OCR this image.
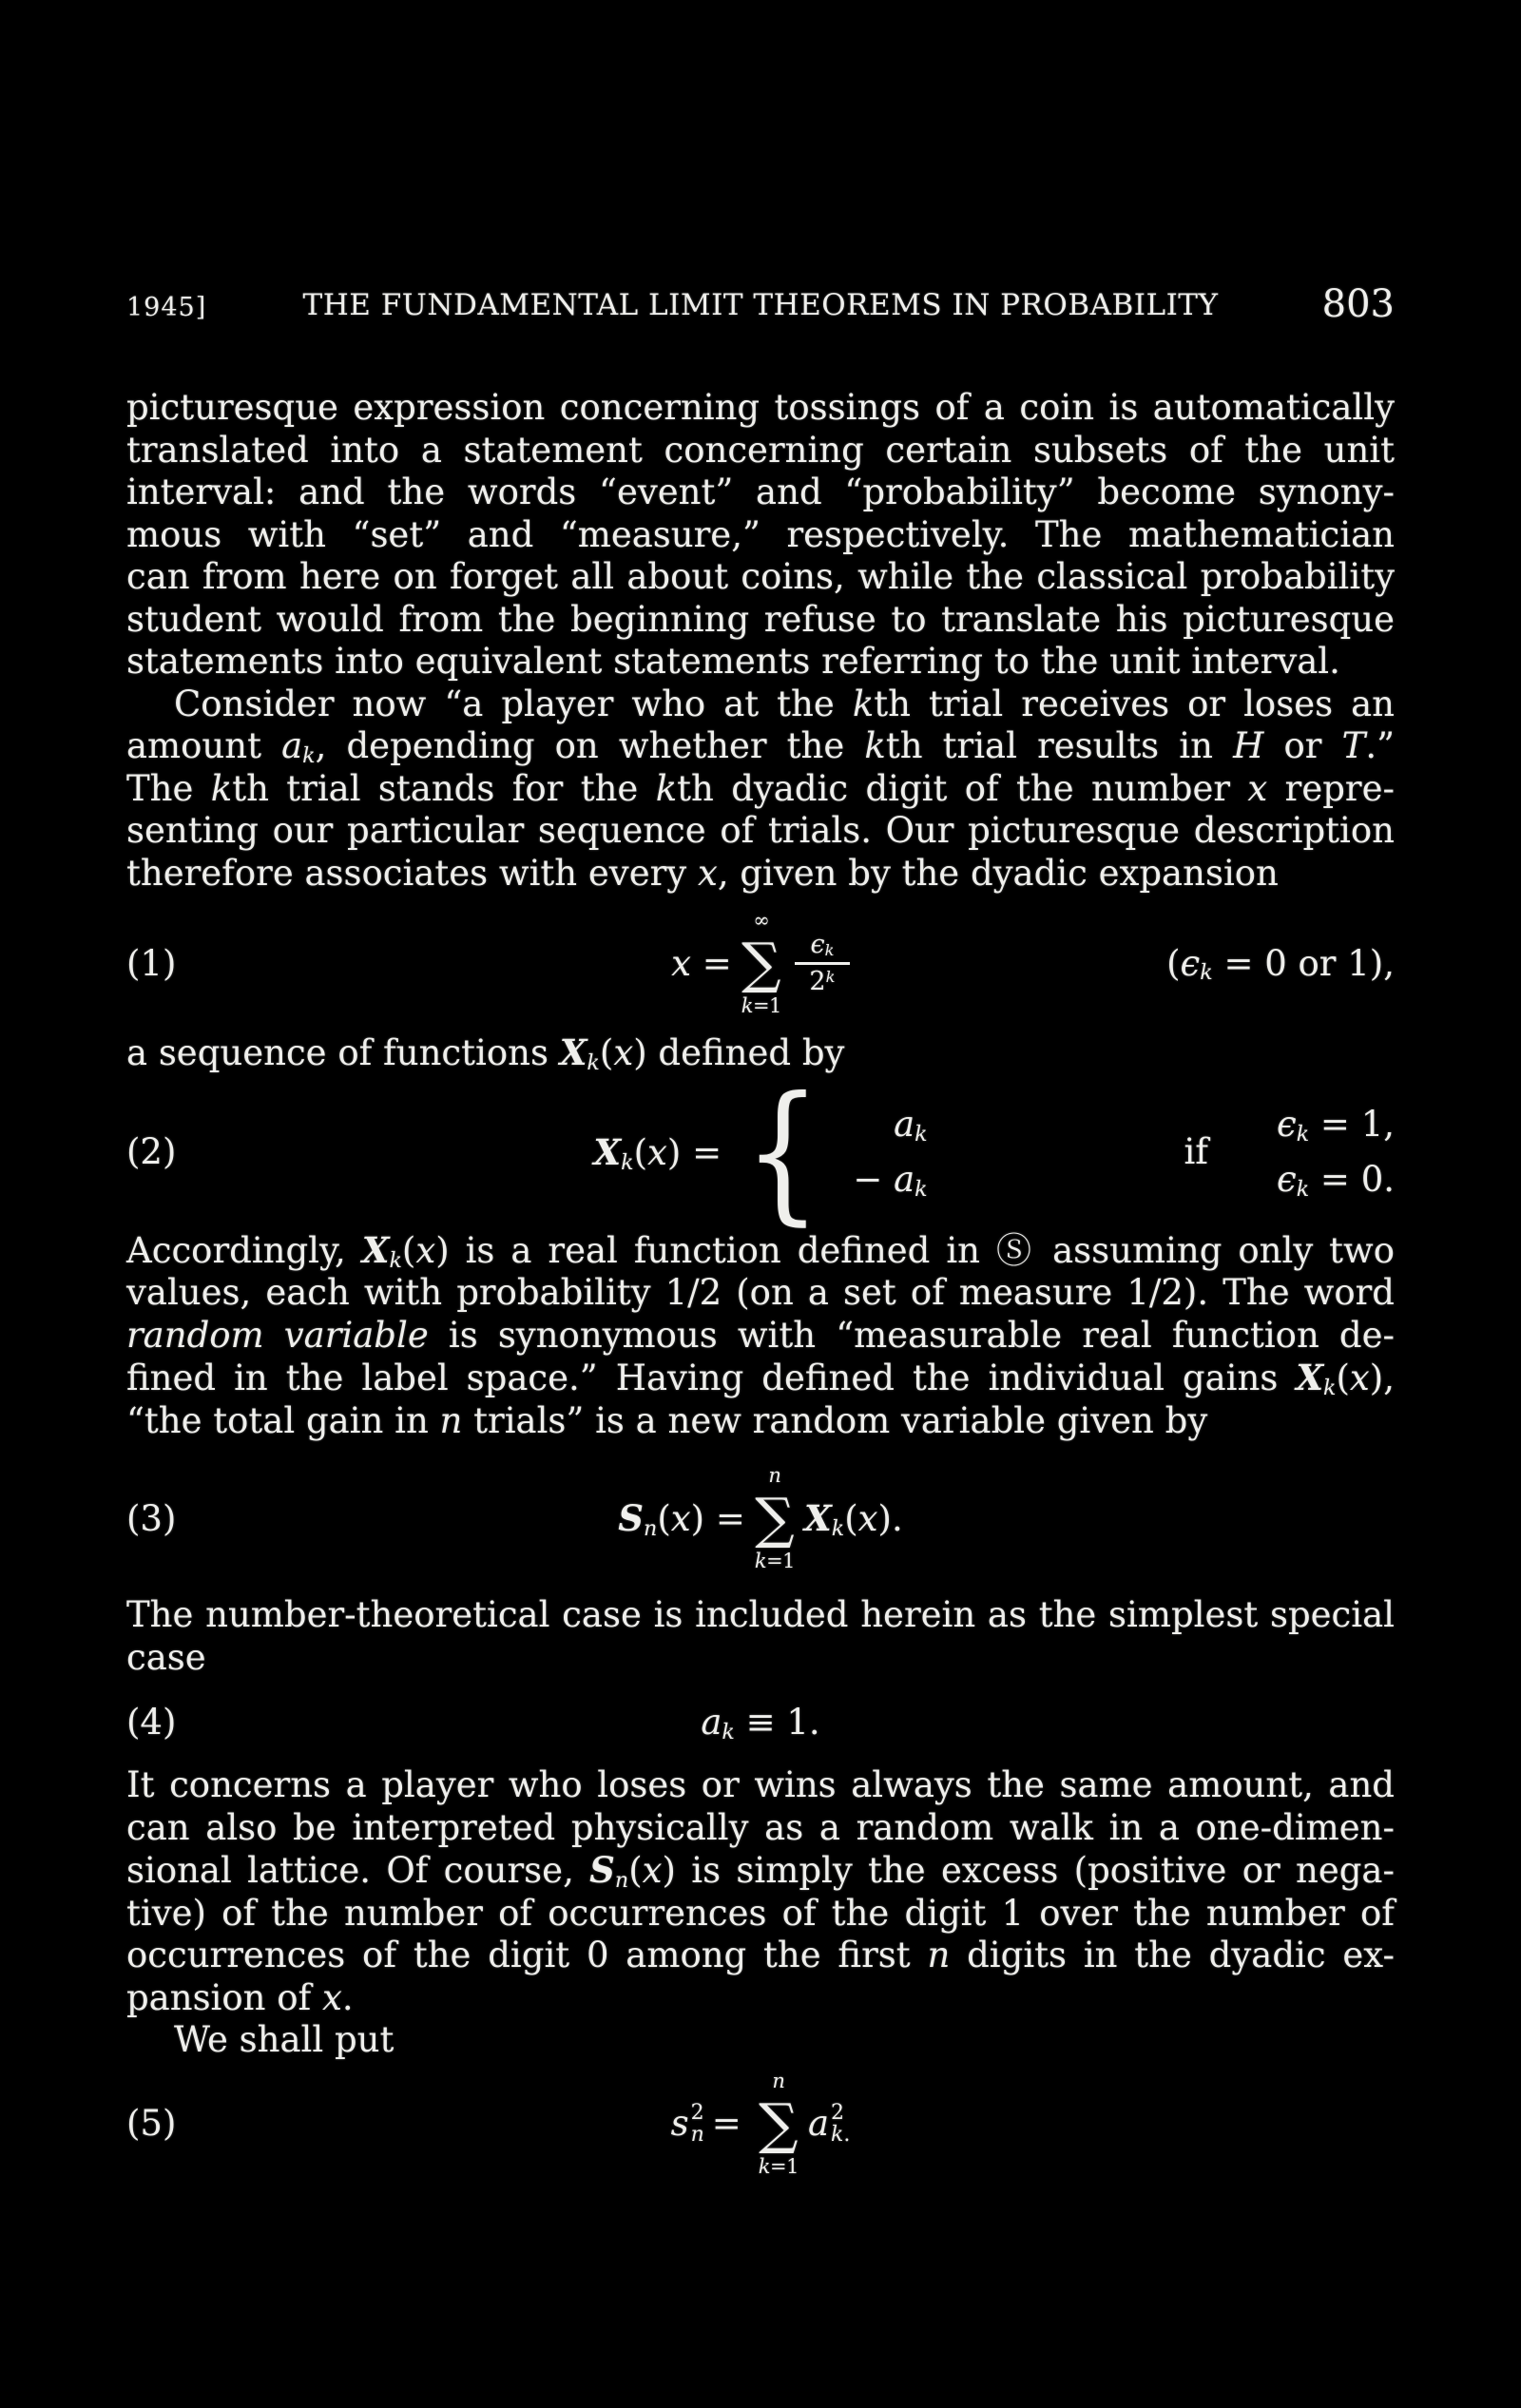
1945]	THE FUNDAMENTAL LIMIT THEOREMS IN PROBABILITY	803
picturesque expression concerning tossings of a coin is automatically
translated into a statement concerning certain subsets of the unit
interval: and the words “event” and “probability” become synony-
mous with “set” and “measure,” respectively. The mathematician
can from here on forget all about coins, while the classical probability
student would from the beginning refuse to translate his picturesque
statements into equivalent statements referring to the unit interval.
Consider now “a player who at the kth trial receives or loses an
amount ak, depending on whether the kth trial results in H or T.”
The kth trial stands for the kth dyadic digit of the number x repre-
senting our particular sequence of trials. Our picturesque description
therefore associates with every x, given by the dyadic expansion
(1)	x =
∞
∑
k=1
$\frac{\epsilon k}{2^k}$	(ϵk = 0 or 1),
a sequence of functions Xk(x) defined by
(2)	Xk(x) = { ak
− ak
if
ϵk = 1,
ϵk = 0.
Accordingly, Xk(x) is a real function defined in Ⓢ assuming only two
values, each with probability 1/2 (on a set of measure 1/2). The word
random variable is synonymous with “measurable real function de-
fined in the label space.” Having defined the individual gains Xk(x),
“the total gain in n trials” is a new random variable given by
(3)	Sn(x) =
n
∑
k=1
Xk(x).
The number-theoretical case is included herein as the simplest special
case
(4)	ak ≡ 1.
It concerns a player who loses or wins always the same amount, and
can also be interpreted physically as a random walk in a one-dimen-
sional lattice. Of course, Sn(x) is simply the excess (positive or nega-
tive) of the number of occurrences of the digit 1 over the number of
occurrences of the digit 0 among the first n digits in the dyadic ex-
pansion of x.
We shall put
(5)	s 2
n =
n
∑
k=1
a 2
k.
